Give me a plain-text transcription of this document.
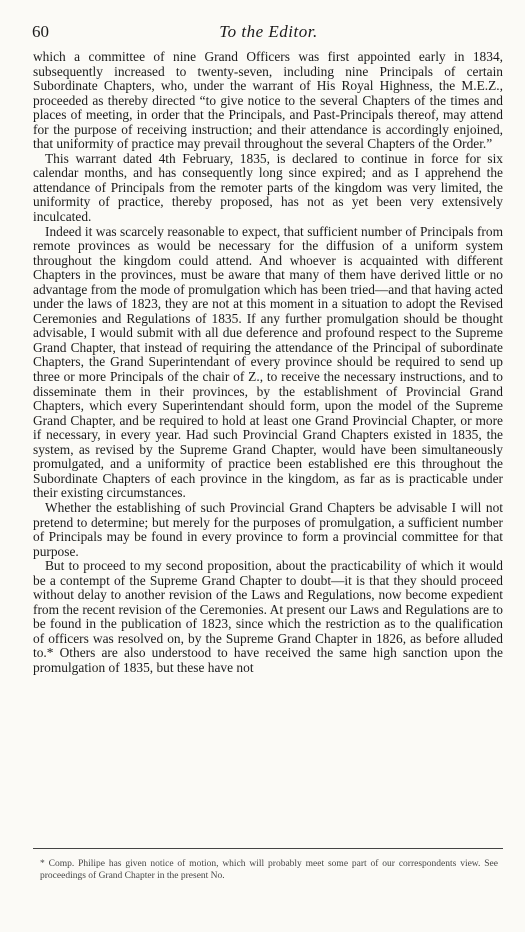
60	To the Editor.

which a committee of nine Grand Officers was first appointed early in 1834, subsequently increased to twenty-seven, including nine Principals of certain Subordinate Chapters, who, under the warrant of His Royal Highness, the M.E.Z., proceeded as thereby directed “to give notice to the several Chapters of the times and places of meeting, in order that the Principals, and Past-Principals thereof, may attend for the purpose of receiving instruction; and their attendance is accordingly enjoined, that uniformity of practice may prevail throughout the several Chapters of the Order.”

This warrant dated 4th February, 1835, is declared to continue in force for six calendar months, and has consequently long since expired; and as I apprehend the attendance of Principals from the remoter parts of the kingdom was very limited, the uniformity of practice, thereby proposed, has not as yet been very extensively inculcated.

Indeed it was scarcely reasonable to expect, that sufficient number of Principals from remote provinces as would be necessary for the diffusion of a uniform system throughout the kingdom could attend. And whoever is acquainted with different Chapters in the provinces, must be aware that many of them have derived little or no advantage from the mode of promulgation which has been tried—and that having acted under the laws of 1823, they are not at this moment in a situation to adopt the Revised Ceremonies and Regulations of 1835. If any further promulgation should be thought advisable, I would submit with all due deference and profound respect to the Supreme Grand Chapter, that instead of requiring the attendance of the Principal of subordinate Chapters, the Grand Superintendant of every province should be required to send up three or more Principals of the chair of Z., to receive the necessary instructions, and to disseminate them in their provinces, by the establishment of Provincial Grand Chapters, which every Superintendant should form, upon the model of the Supreme Grand Chapter, and be required to hold at least one Grand Provincial Chapter, or more if necessary, in every year. Had such Provincial Grand Chapters existed in 1835, the system, as revised by the Supreme Grand Chapter, would have been simultaneously promulgated, and a uniformity of practice been established ere this throughout the Subordinate Chapters of each province in the kingdom, as far as is practicable under their existing circumstances.

Whether the establishing of such Provincial Grand Chapters be advisable I will not pretend to determine; but merely for the purposes of promulgation, a sufficient number of Principals may be found in every province to form a provincial committee for that purpose.

But to proceed to my second proposition, about the practicability of which it would be a contempt of the Supreme Grand Chapter to doubt—it is that they should proceed without delay to another revision of the Laws and Regulations, now become expedient from the recent revision of the Ceremonies. At present our Laws and Regulations are to be found in the publication of 1823, since which the restriction as to the qualification of officers was resolved on, by the Supreme Grand Chapter in 1826, as before alluded to.* Others are also understood to have received the same high sanction upon the promulgation of 1835, but these have not

* Comp. Philipe has given notice of motion, which will probably meet some part of our correspondents view. See proceedings of Grand Chapter in the present No.
